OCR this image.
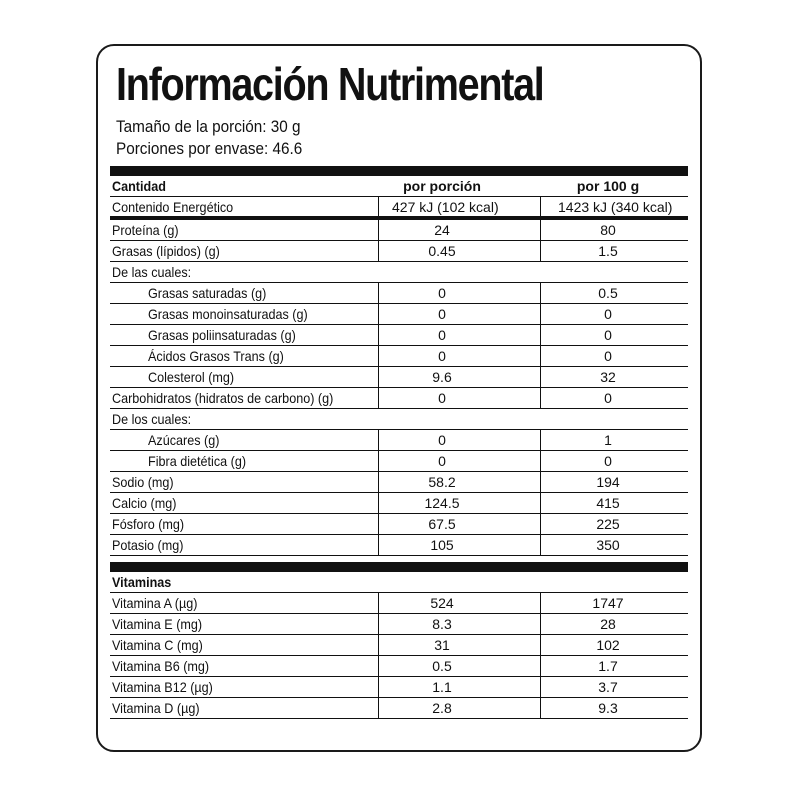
Información Nutrimental
Tamaño de la porción: 30 g
Porciones por envase: 46.6
Cantidad	por porción	por 100 g
Contenido Energético	427 kJ (102 kcal)	1423 kJ (340 kcal)
Proteína (g)	24	80
Grasas (lípidos) (g)	0.45	1.5
De las cuales:
Grasas saturadas (g)	0	0.5
Grasas monoinsaturadas (g)	0	0
Grasas poliinsaturadas (g)	0	0
Ácidos Grasos Trans (g)	0	0
Colesterol (mg)	9.6	32
Carbohidratos (hidratos de carbono) (g)	0	0
De los cuales:
Azúcares (g)	0	1
Fibra dietética (g)	0	0
Sodio (mg)	58.2	194
Calcio (mg)	124.5	415
Fósforo (mg)	67.5	225
Potasio (mg)	105	350
Vitaminas
Vitamina A (µg)	524	1747
Vitamina E (mg)	8.3	28
Vitamina C (mg)	31	102
Vitamina B6 (mg)	0.5	1.7
Vitamina B12 (µg)	1.1	3.7
Vitamina D (µg)	2.8	9.3
